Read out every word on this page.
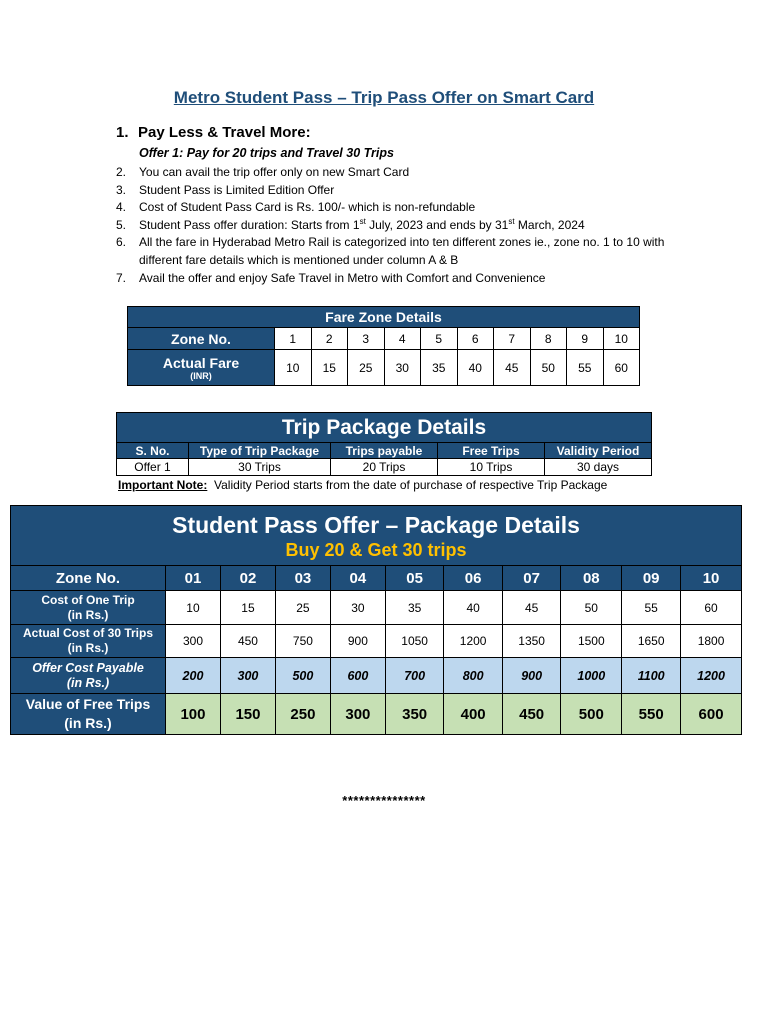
Metro Student Pass – Trip Pass Offer on Smart Card
1. Pay Less & Travel More:
Offer 1: Pay for 20 trips and Travel 30 Trips
2.	You can avail the trip offer only on new Smart Card
3.	Student Pass is Limited Edition Offer
4.	Cost of Student Pass Card is Rs. 100/- which is non-refundable
5.	Student Pass offer duration: Starts from 1st July, 2023 and ends by 31st March, 2024
6.	All the fare in Hyderabad Metro Rail is categorized into ten different zones ie., zone no. 1 to 10 with different fare details which is mentioned under column A & B
7.	Avail the offer and enjoy Safe Travel in Metro with Comfort and Convenience
Fare Zone Details										
Zone No.	1	2	3	4	5	6	7	8	9	10
Actual Fare
(INR)	10	15	25	30	35	40	45	50	55	60
Trip Package Details				
S. No.	Type of Trip Package	Trips payable	Free Trips	Validity Period
Offer 1	30 Trips	20 Trips	10 Trips	30 days
Important Note: Validity Period starts from the date of purchase of respective Trip Package
Student Pass Offer – Package Details
Buy 20 & Get 30 trips										

Zone No.	01	02	03	04	05	06	07	08	09	10
Cost of One Trip
(in Rs.)	10	15	25	30	35	40	45	50	55	60
Actual Cost of 30 Trips
(in Rs.)	300	450	750	900	1050	1200	1350	1500	1650	1800
Offer Cost Payable
(in Rs.)	200	300	500	600	700	800	900	1000	1100	1200
Value of Free Trips
(in Rs.)	100	150	250	300	350	400	450	500	550	600
***************
